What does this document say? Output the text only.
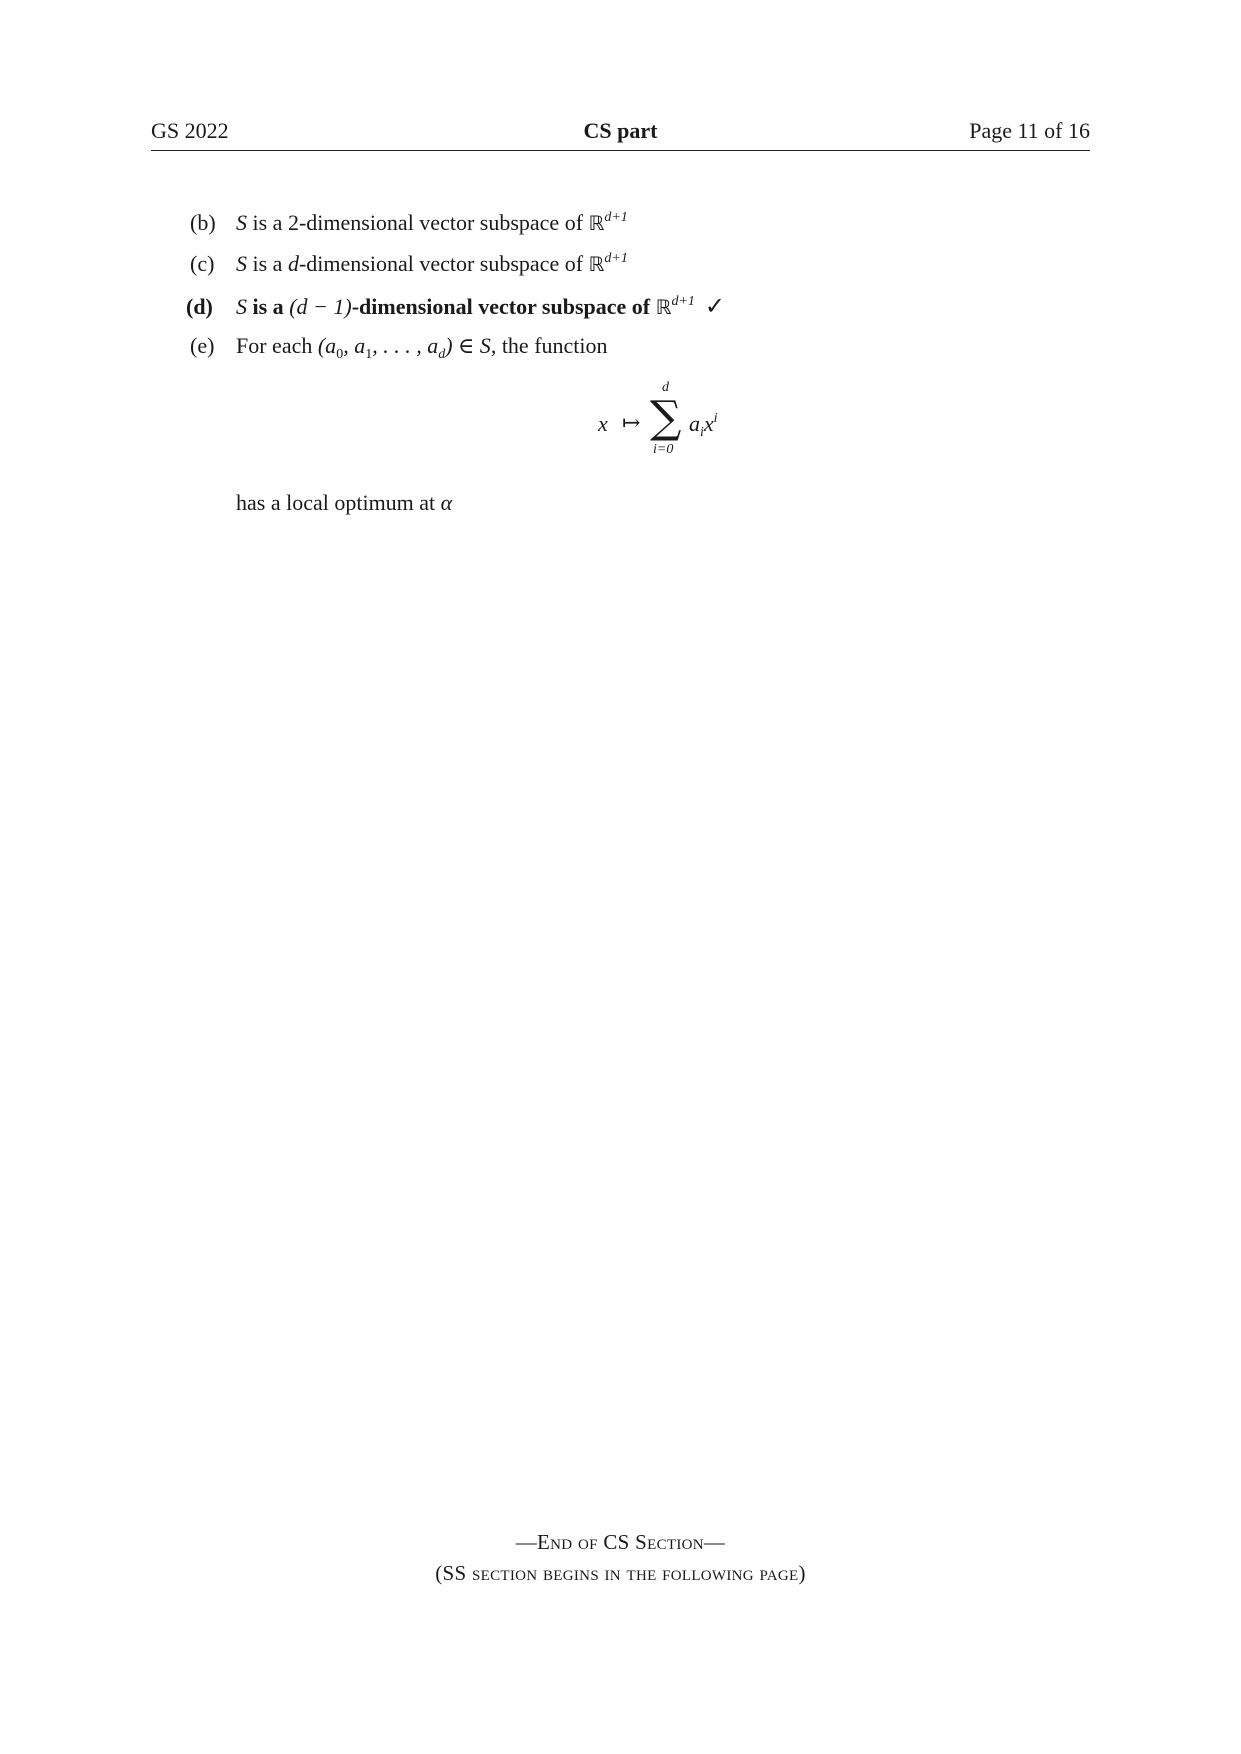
GS 2022	CS part	Page 11 of 16
(b) S is a 2-dimensional vector subspace of ℝ$^{d+1}$
(c) S is a d-dimensional vector subspace of ℝ$^{d+1}$
(d) S is a (d − 1)-dimensional vector subspace of ℝ$^{d+1}$ ✓
(e) For each ($a_0$, $a_1$, . . . , $a_d$) ∈ S, the function
x ↦
d
∑
i=0
$a_ix^i$
has a local optimum at α
—End of CS Section—
(SS section begins in the following page)
